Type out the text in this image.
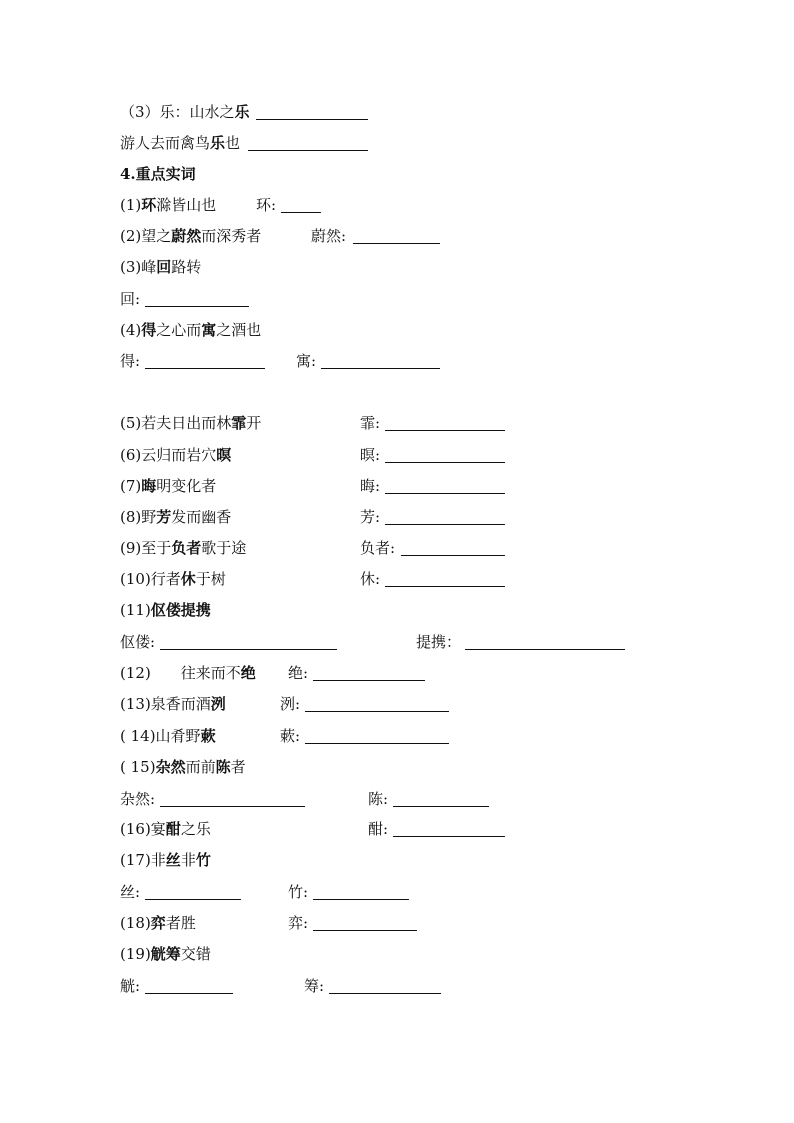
（3）乐：山水之乐
游人去而禽鸟乐也
4.重点实词
(1)环滁皆山也	环:
(2)望之蔚然而深秀者	蔚然:
(3)峰回路转
回:
(4)得之心而寓之酒也
得:	寓:
(5)若夫日出而林霏开	霏:
(6)云归而岩穴暝	暝:
(7)晦明变化者	晦:
(8)野芳发而幽香	芳:
(9)至于负者歌于途	负者:
(10)行者休于树	休:
(11)伛偻提携
伛偻:	提携：
(12)　　往来而不绝 绝:
(13)泉香而酒洌	洌:
( 14)山肴野蔌	蔌:
( 15)杂然而前陈者
杂然:	陈:
(16)宴酣之乐	酣:
(17)非丝非竹
丝:	竹:
(18)弈者胜	弈:
(19)觥筹交错
觥:	筹:
